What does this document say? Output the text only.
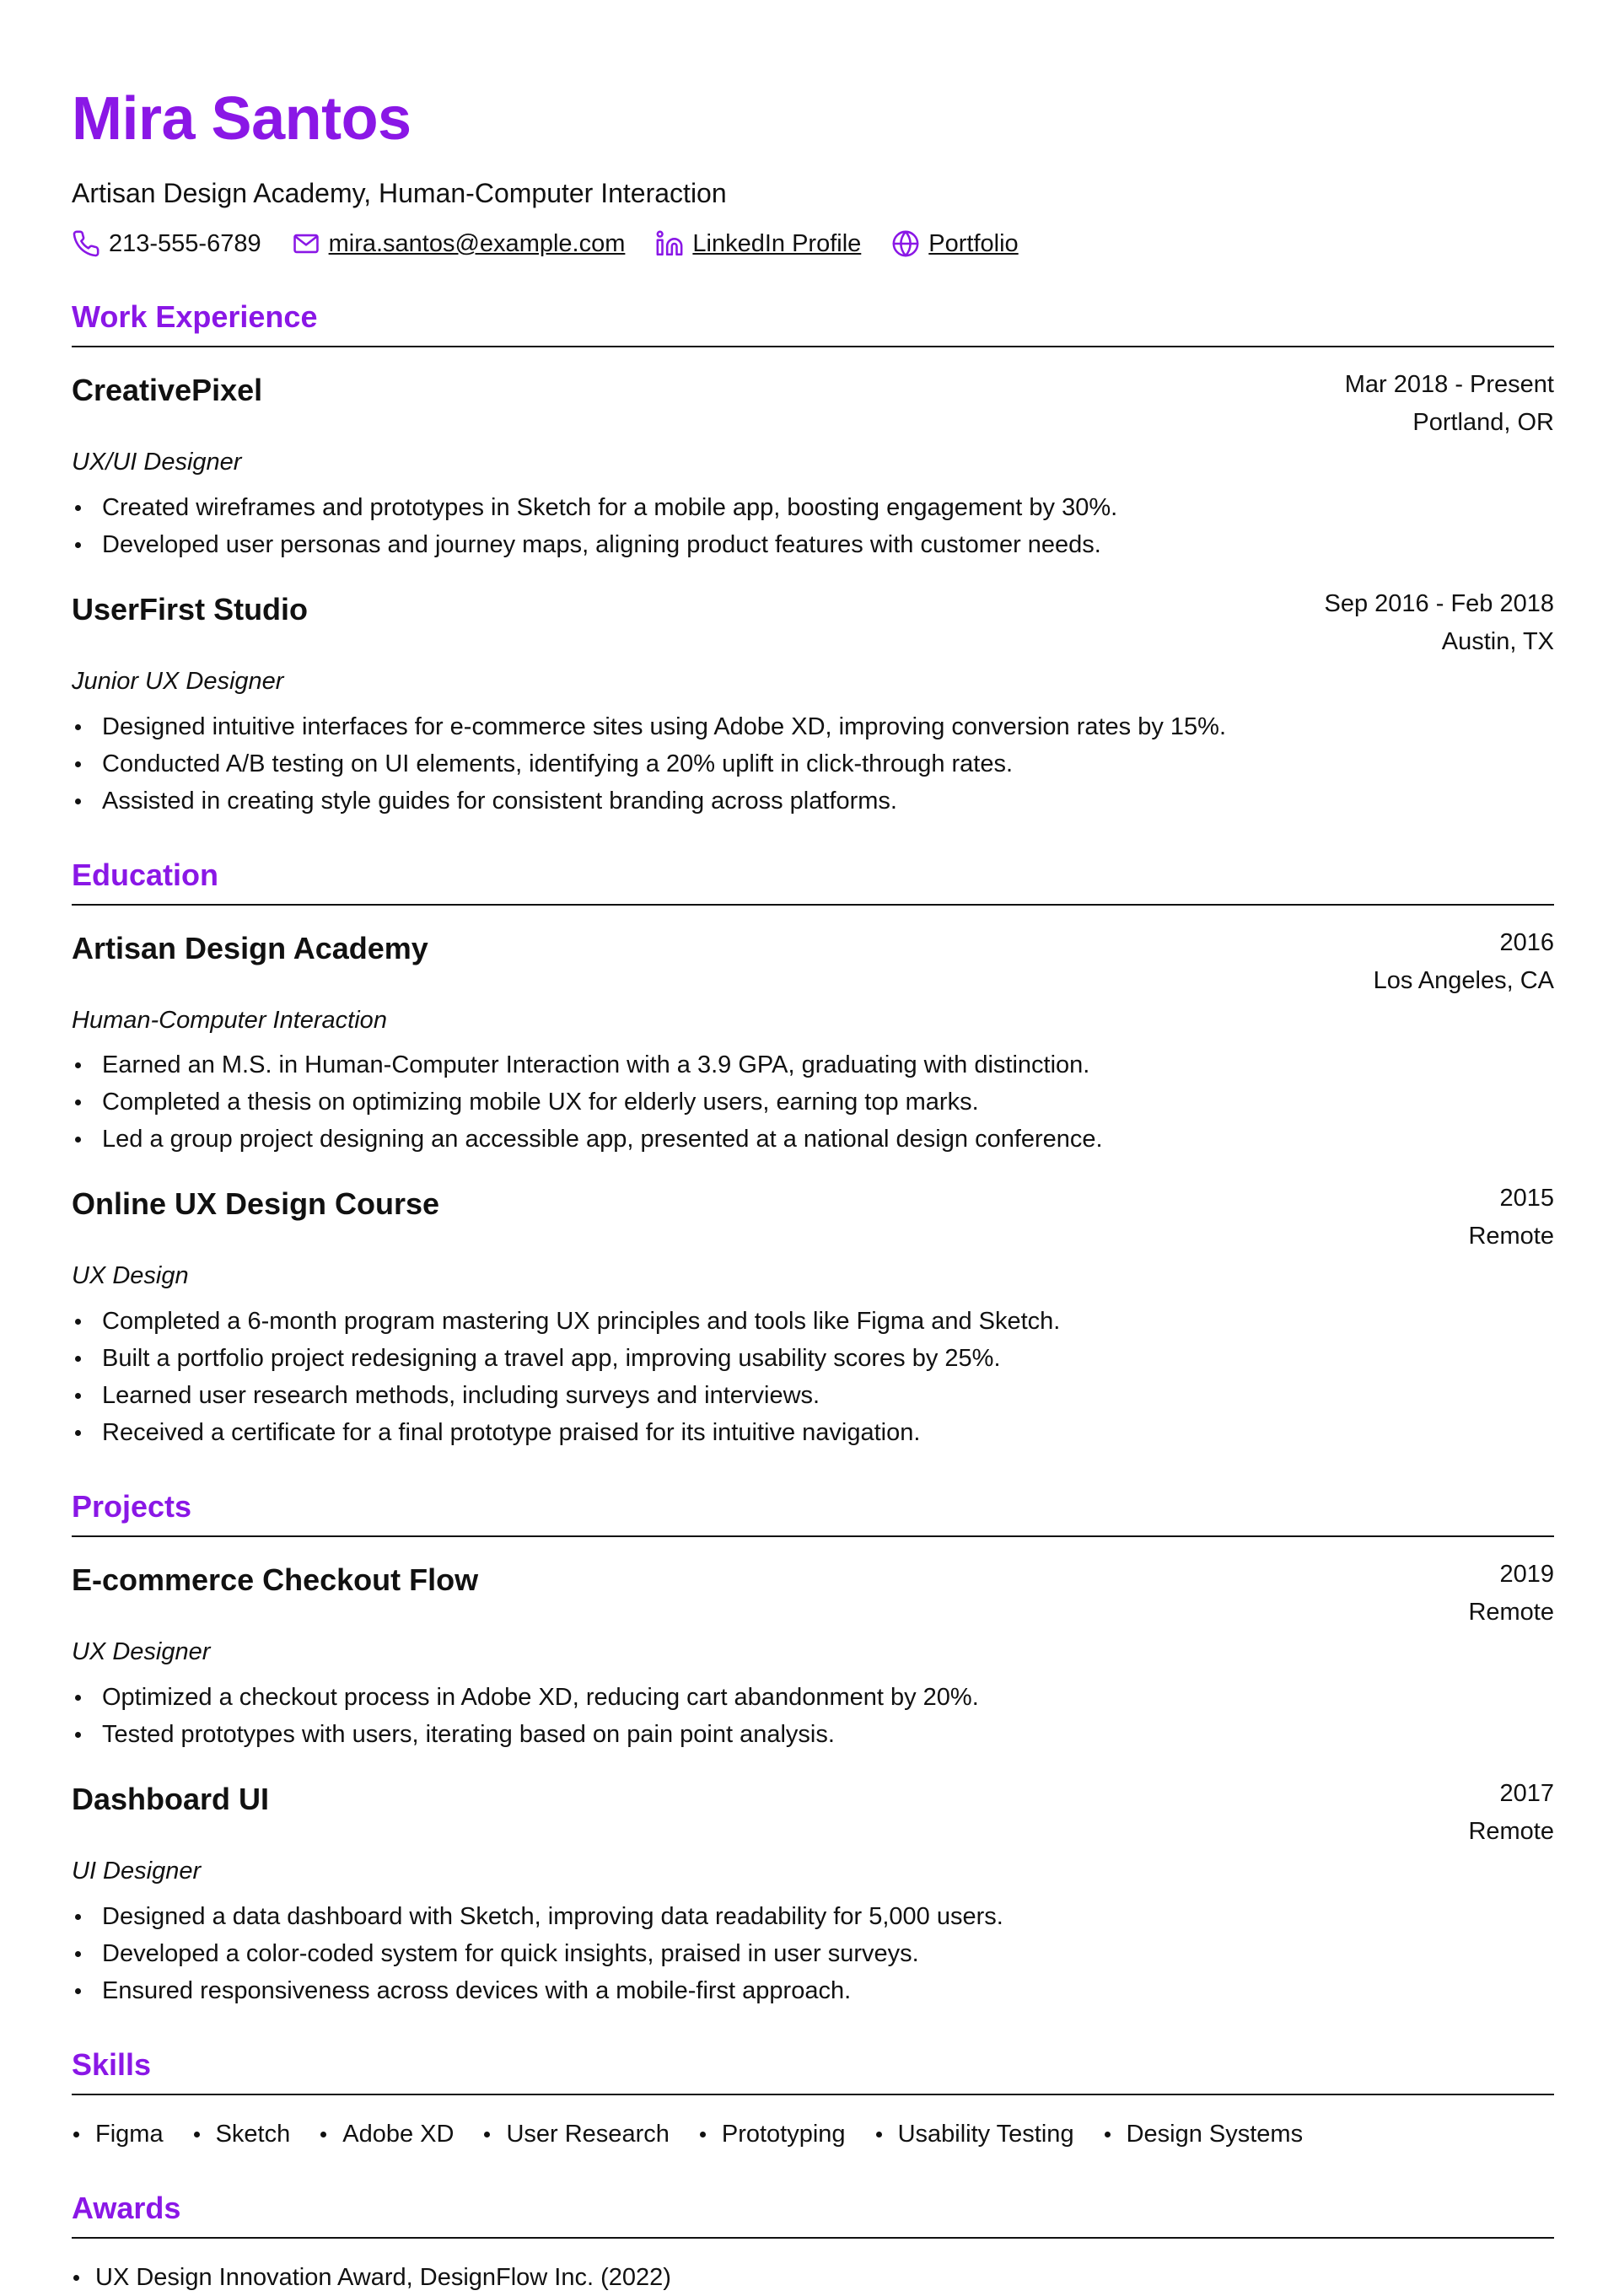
Mira Santos
Artisan Design Academy, Human-Computer Interaction
213-555-6789	mira.santos@example.com	LinkedIn Profile	Portfolio
Work Experience
CreativePixel	Mar 2018 - Present
Portland, OR
UX/UI Designer
Created wireframes and prototypes in Sketch for a mobile app, boosting engagement by 30%.
Developed user personas and journey maps, aligning product features with customer needs.
UserFirst Studio	Sep 2016 - Feb 2018
Austin, TX
Junior UX Designer
Designed intuitive interfaces for e-commerce sites using Adobe XD, improving conversion rates by 15%.
Conducted A/B testing on UI elements, identifying a 20% uplift in click-through rates.
Assisted in creating style guides for consistent branding across platforms.
Education
Artisan Design Academy	2016
Los Angeles, CA
Human-Computer Interaction
Earned an M.S. in Human-Computer Interaction with a 3.9 GPA, graduating with distinction.
Completed a thesis on optimizing mobile UX for elderly users, earning top marks.
Led a group project designing an accessible app, presented at a national design conference.
Online UX Design Course	2015
Remote
UX Design
Completed a 6-month program mastering UX principles and tools like Figma and Sketch.
Built a portfolio project redesigning a travel app, improving usability scores by 25%.
Learned user research methods, including surveys and interviews.
Received a certificate for a final prototype praised for its intuitive navigation.
Projects
E-commerce Checkout Flow	2019
Remote
UX Designer
Optimized a checkout process in Adobe XD, reducing cart abandonment by 20%.
Tested prototypes with users, iterating based on pain point analysis.
Dashboard UI	2017
Remote
UI Designer
Designed a data dashboard with Sketch, improving data readability for 5,000 users.
Developed a color-coded system for quick insights, praised in user surveys.
Ensured responsiveness across devices with a mobile-first approach.
Skills
Figma	Sketch	Adobe XD	User Research	Prototyping	Usability Testing	Design Systems
Awards
UX Design Innovation Award, DesignFlow Inc. (2022)
